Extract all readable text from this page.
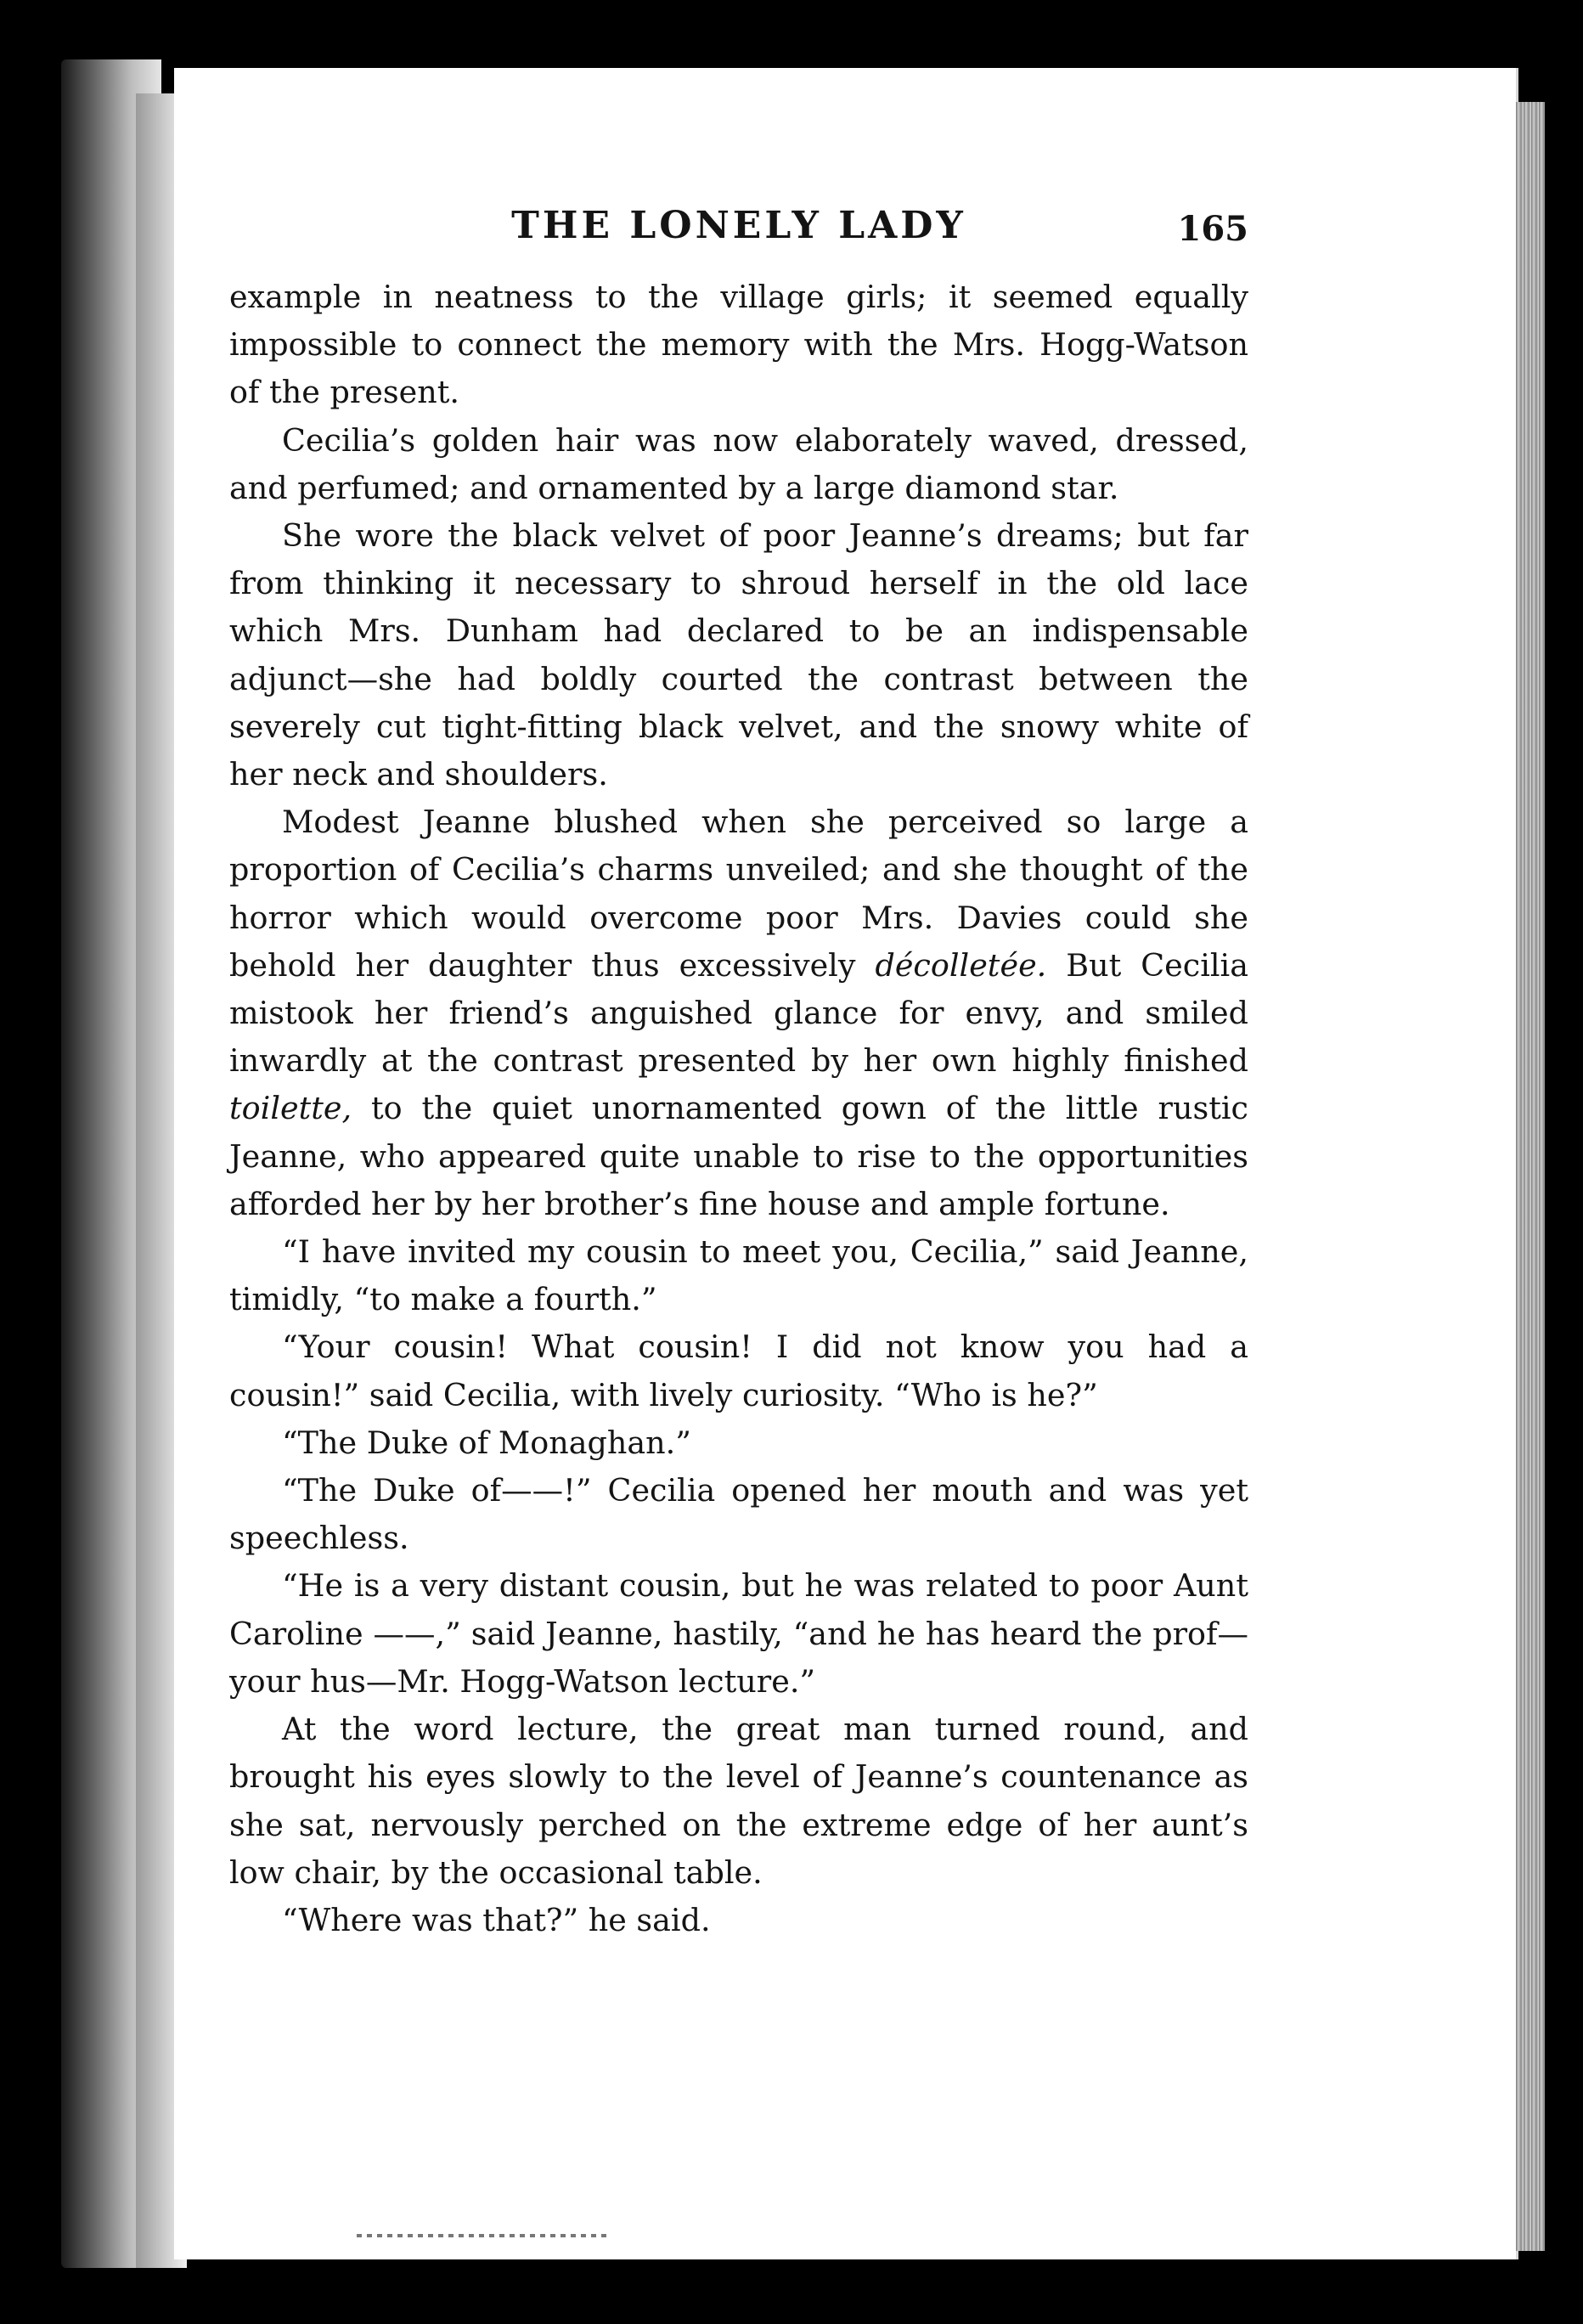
THE LONELY LADY	165

example in neatness to the village girls; it seemed equally impossible to connect the memory with the Mrs. Hogg-Watson of the present.

Cecilia’s golden hair was now elaborately waved, dressed, and perfumed; and ornamented by a large diamond star.

She wore the black velvet of poor Jeanne’s dreams; but far from thinking it necessary to shroud herself in the old lace which Mrs. Dunham had declared to be an indispensable adjunct—she had boldly courted the contrast between the severely cut tight-fitting black velvet, and the snowy white of her neck and shoulders.

Modest Jeanne blushed when she perceived so large a proportion of Cecilia’s charms unveiled; and she thought of the horror which would overcome poor Mrs. Davies could she behold her daughter thus excessively décolletée. But Cecilia mistook her friend’s anguished glance for envy, and smiled inwardly at the contrast presented by her own highly finished toilette, to the quiet unornamented gown of the little rustic Jeanne, who appeared quite unable to rise to the opportunities afforded her by her brother’s fine house and ample fortune.

“I have invited my cousin to meet you, Cecilia,” said Jeanne, timidly, “to make a fourth.”

“Your cousin! What cousin! I did not know you had a cousin!” said Cecilia, with lively curiosity. “Who is he?”

“The Duke of Monaghan.”

“The Duke of——!” Cecilia opened her mouth and was yet speechless.

“He is a very distant cousin, but he was related to poor Aunt Caroline ——,” said Jeanne, hastily, “and he has heard the prof—your hus—Mr. Hogg-Watson lecture.”

At the word lecture, the great man turned round, and brought his eyes slowly to the level of Jeanne’s countenance as she sat, nervously perched on the extreme edge of her aunt’s low chair, by the occasional table.

“Where was that?” he said.
